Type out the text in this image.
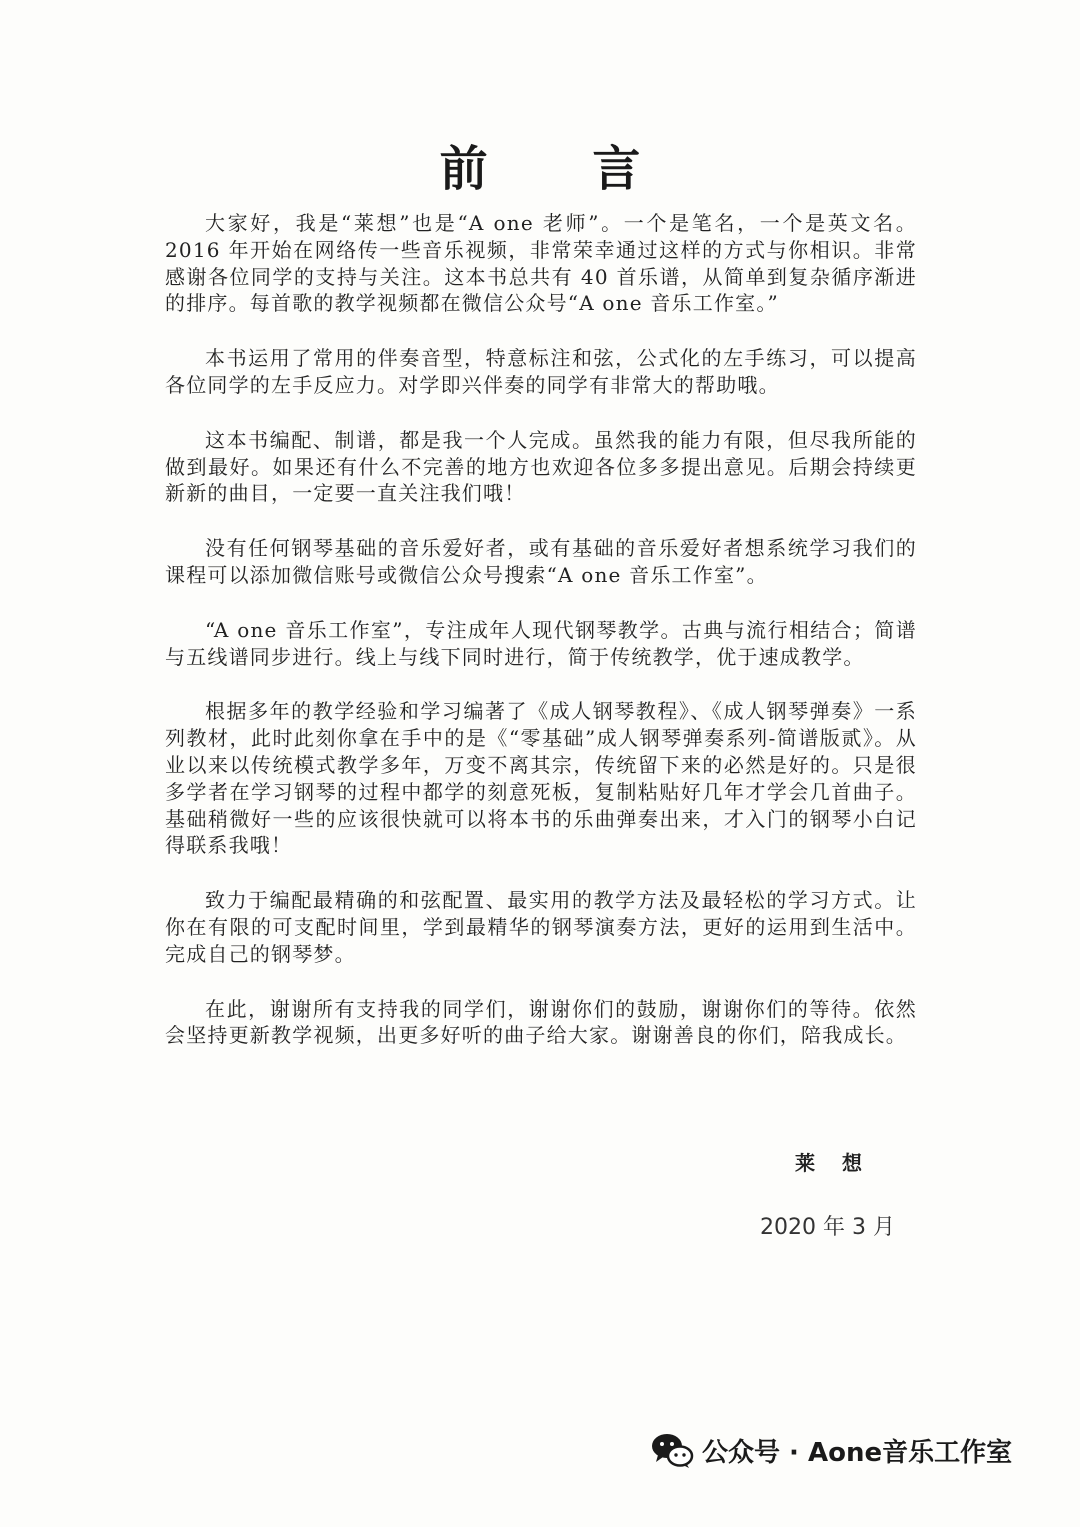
前 言

大家好，我是“莱想”也是“A one 老师”。一个是笔名，一个是英文名。2016 年开始在网络传一些音乐视频，非常荣幸通过这样的方式与你相识。非常感谢各位同学的支持与关注。这本书总共有 40 首乐谱，从简单到复杂循序渐进的排序。每首歌的教学视频都在微信公众号“A one 音乐工作室。”

本书运用了常用的伴奏音型，特意标注和弦，公式化的左手练习，可以提高各位同学的左手反应力。对学即兴伴奏的同学有非常大的帮助哦。

这本书编配、制谱，都是我一个人完成。虽然我的能力有限，但尽我所能的做到最好。如果还有什么不完善的地方也欢迎各位多多提出意见。后期会持续更新新的曲目，一定要一直关注我们哦！

没有任何钢琴基础的音乐爱好者，或有基础的音乐爱好者想系统学习我们的课程可以添加微信账号或微信公众号搜索“A one 音乐工作室”。

“A one 音乐工作室”，专注成年人现代钢琴教学。古典与流行相结合；简谱与五线谱同步进行。线上与线下同时进行，简于传统教学，优于速成教学。

根据多年的教学经验和学习编著了《成人钢琴教程》、《成人钢琴弹奏》一系列教材，此时此刻你拿在手中的是《“零基础”成人钢琴弹奏系列-简谱版贰》。从业以来以传统模式教学多年，万变不离其宗，传统留下来的必然是好的。只是很多学者在学习钢琴的过程中都学的刻意死板，复制粘贴好几年才学会几首曲子。基础稍微好一些的应该很快就可以将本书的乐曲弹奏出来，才入门的钢琴小白记得联系我哦！

致力于编配最精确的和弦配置、最实用的教学方法及最轻松的学习方式。让你在有限的可支配时间里，学到最精华的钢琴演奏方法，更好的运用到生活中。完成自己的钢琴梦。

在此，谢谢所有支持我的同学们，谢谢你们的鼓励，谢谢你们的等待。依然会坚持更新教学视频，出更多好听的曲子给大家。谢谢善良的你们，陪我成长。

莱 想
2020 年 3 月
公众号 · Aone音乐工作室
